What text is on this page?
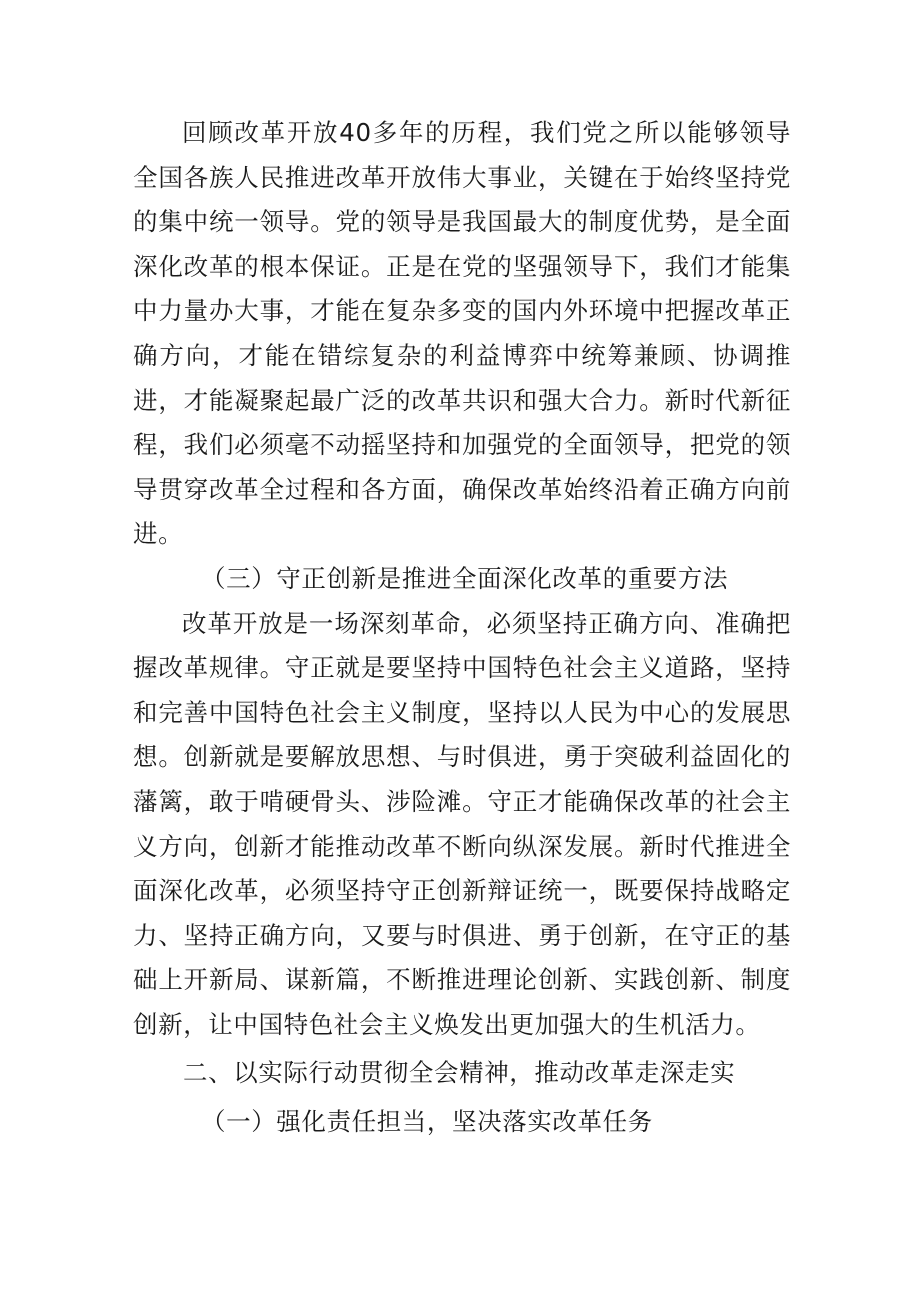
回顾改革开放40多年的历程，我们党之所以能够领导全国各族人民推进改革开放伟大事业，关键在于始终坚持党的集中统一领导。党的领导是我国最大的制度优势，是全面深化改革的根本保证。正是在党的坚强领导下，我们才能集中力量办大事，才能在复杂多变的国内外环境中把握改革正确方向，才能在错综复杂的利益博弈中统筹兼顾、协调推进，才能凝聚起最广泛的改革共识和强大合力。新时代新征程，我们必须毫不动摇坚持和加强党的全面领导，把党的领导贯穿改革全过程和各方面，确保改革始终沿着正确方向前进。

（三）守正创新是推进全面深化改革的重要方法

改革开放是一场深刻革命，必须坚持正确方向、准确把握改革规律。守正就是要坚持中国特色社会主义道路，坚持和完善中国特色社会主义制度，坚持以人民为中心的发展思想。创新就是要解放思想、与时俱进，勇于突破利益固化的藩篱，敢于啃硬骨头、涉险滩。守正才能确保改革的社会主义方向，创新才能推动改革不断向纵深发展。新时代推进全面深化改革，必须坚持守正创新辩证统一，既要保持战略定力、坚持正确方向，又要与时俱进、勇于创新，在守正的基础上开新局、谋新篇，不断推进理论创新、实践创新、制度创新，让中国特色社会主义焕发出更加强大的生机活力。

二、以实际行动贯彻全会精神，推动改革走深走实

（一）强化责任担当，坚决落实改革任务
